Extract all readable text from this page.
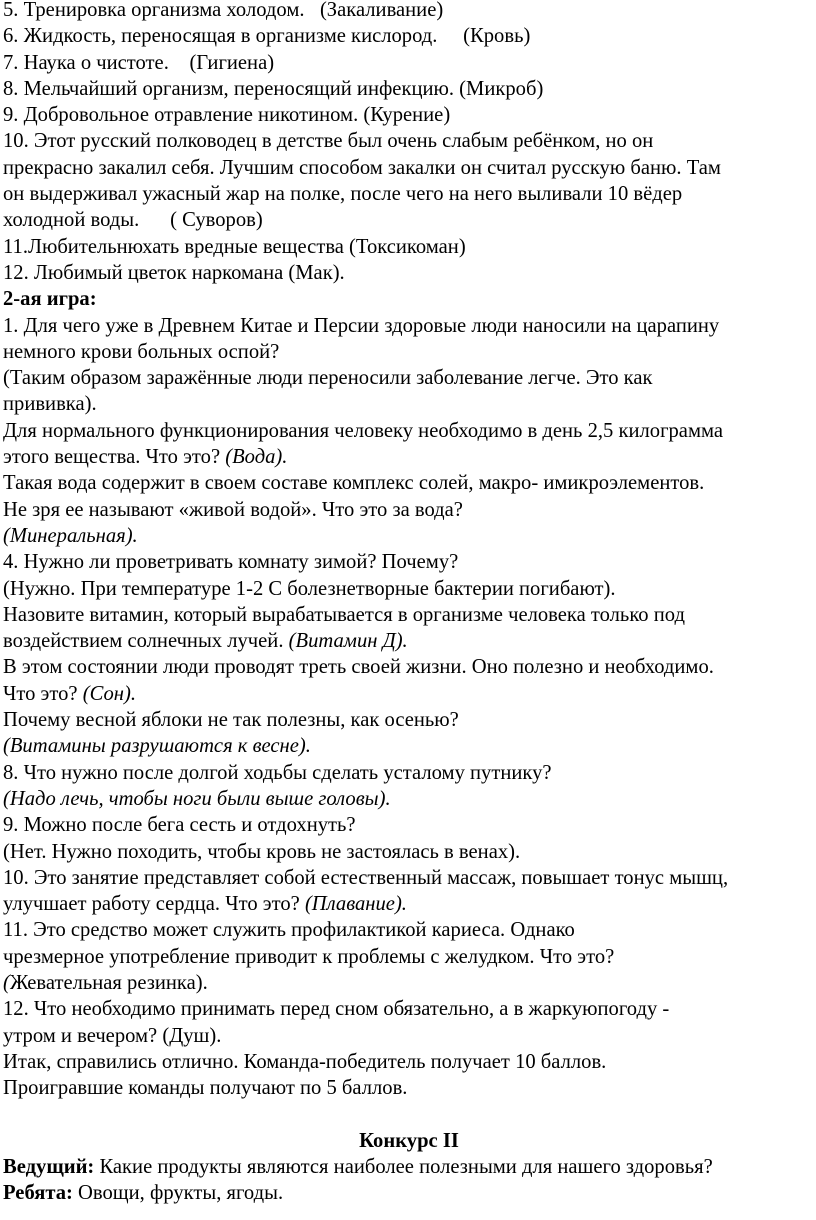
5. Тренировка организма холодом.   (Закаливание)
6. Жидкость, переносящая в организме кислород.     (Кровь)
7. Наука о чистоте.    (Гигиена)
8. Мельчайший организм, переносящий инфекцию. (Микроб)
9. Добровольное отравление никотином. (Курение)
10. Этот русский полководец в детстве был очень слабым ребёнком, но он
прекрасно закалил себя. Лучшим способом закалки он считал русскую баню. Там
он выдерживал ужасный жар на полке, после чего на него выливали 10 вёдер
холодной воды.      ( Суворов)
11.Любительнюхать вредные вещества (Токсикоман)
12. Любимый цветок наркомана (Мак).
2-ая игра:
1. Для чего уже в Древнем Китае и Персии здоровые люди наносили на царапину
немного крови больных оспой?
(Таким образом заражённые люди переносили заболевание легче. Это как
прививка).
Для нормального функционирования человеку необходимо в день 2,5 килограмма
этого вещества. Что это? (Вода).
Такая вода содержит в своем составе комплекс солей, макро- имикроэлементов.
Не зря ее называют «живой водой». Что это за вода?
(Минеральная).
4. Нужно ли проветривать комнату зимой? Почему?
(Нужно. При температуре 1-2 С болезнетворные бактерии погибают).
Назовите витамин, который вырабатывается в организме человека только под
воздействием солнечных лучей. (Витамин Д).
В этом состоянии люди проводят треть своей жизни. Оно полезно и необходимо.
Что это? (Сон).
Почему весной яблоки не так полезны, как осенью?
(Витамины разрушаются к весне).
8. Что нужно после долгой ходьбы сделать усталому путнику?
(Надо лечь, чтобы ноги были выше головы).
9. Можно после бега сесть и отдохнуть?
(Нет. Нужно походить, чтобы кровь не застоялась в венах).
10. Это занятие представляет собой естественный массаж, повышает тонус мышц,
улучшает работу сердца. Что это? (Плавание).
11. Это средство может служить профилактикой кариеса. Однако
чрезмерное употребление приводит к проблемы с желудком. Что это?
(Жевательная резинка).
12. Что необходимо принимать перед сном обязательно, а в жаркуюпогоду -
утром и вечером? (Душ).
Итак, справились отлично. Команда-победитель получает 10 баллов.
Проигравшие команды получают по 5 баллов.
Конкурс II
Ведущий: Какие продукты являются наиболее полезными для нашего здоровья?
Ребята: Овощи, фрукты, ягоды.
